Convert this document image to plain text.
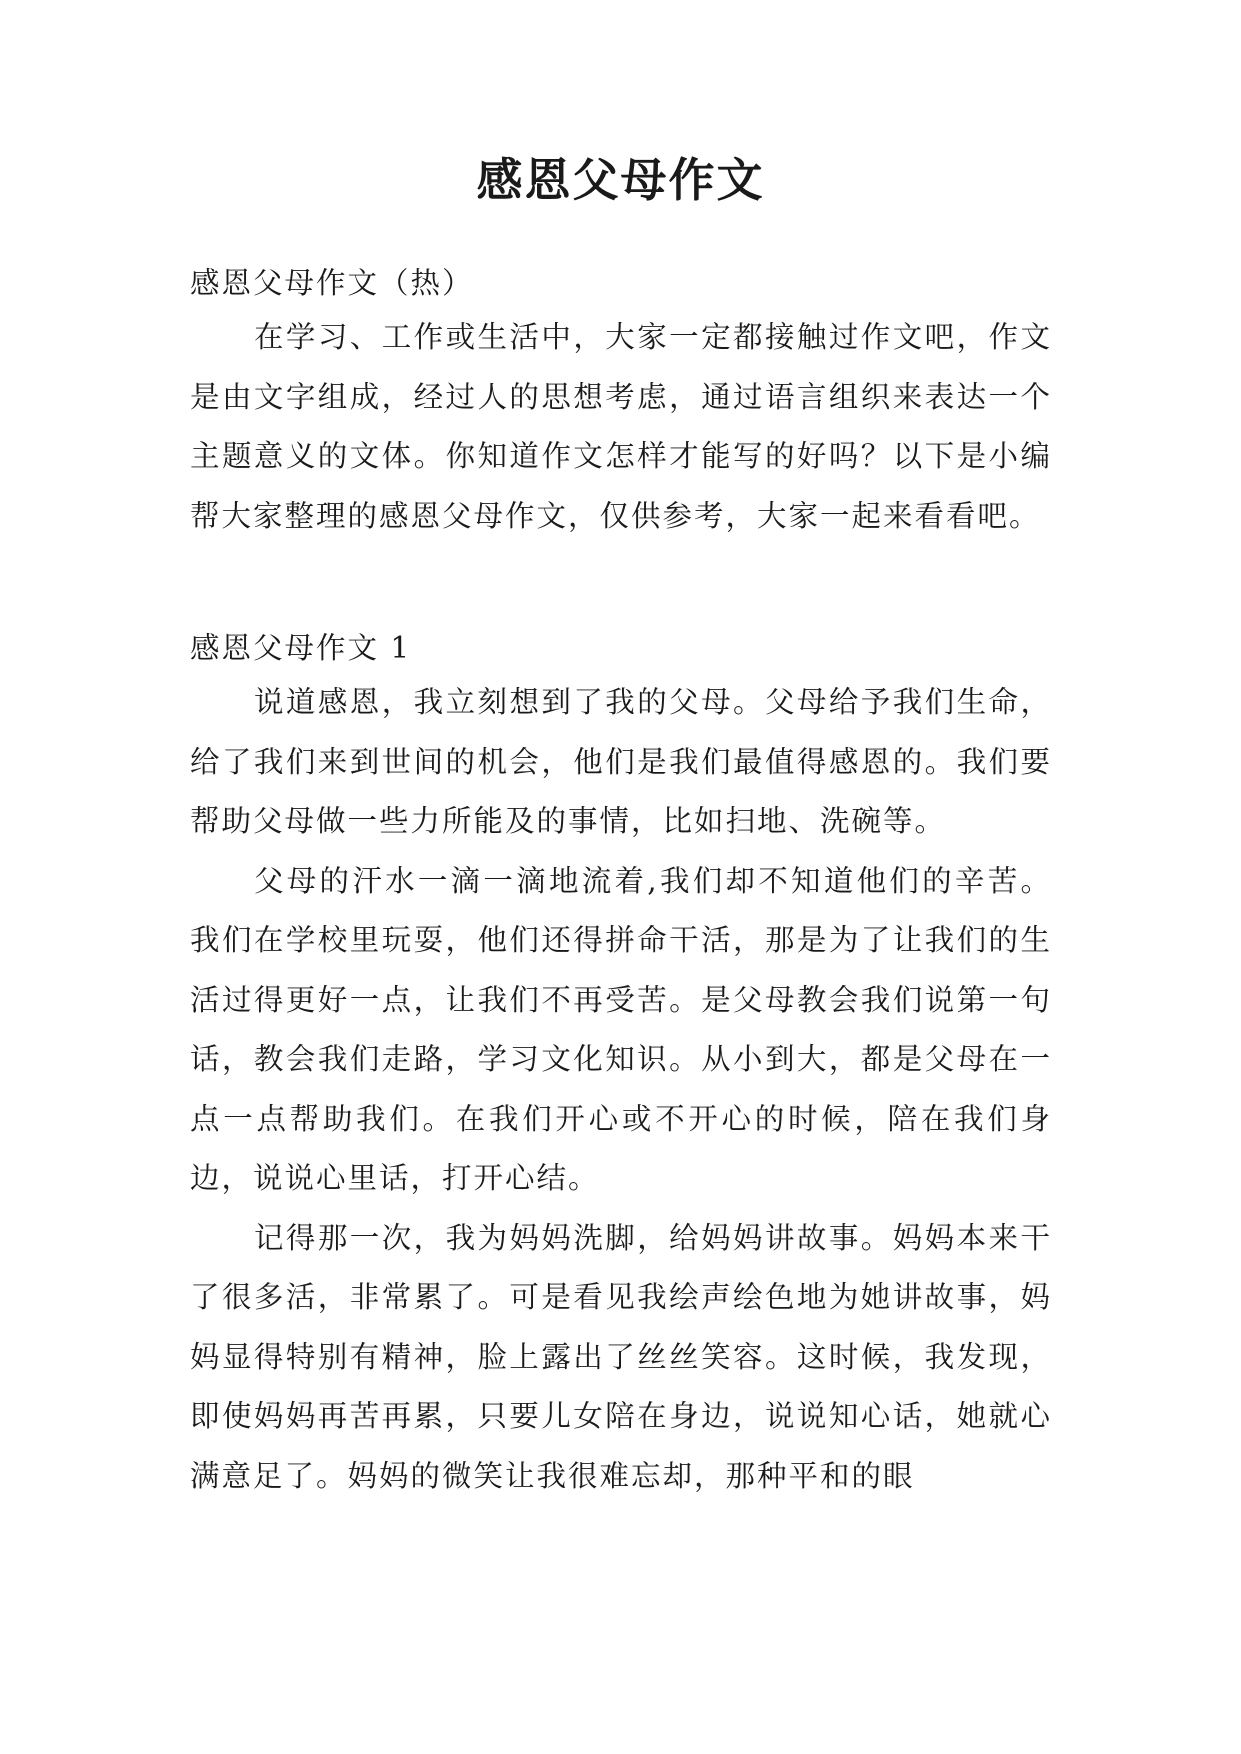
感恩父母作文

感恩父母作文（热）

在学习、工作或生活中，大家一定都接触过作文吧，作文是由文字组成，经过人的思想考虑，通过语言组织来表达一个主题意义的文体。你知道作文怎样才能写的好吗？以下是小编帮大家整理的感恩父母作文，仅供参考，大家一起来看看吧。

感恩父母作文 1

说道感恩，我立刻想到了我的父母。父母给予我们生命，给了我们来到世间的机会，他们是我们最值得感恩的。我们要帮助父母做一些力所能及的事情，比如扫地、洗碗等。

父母的汗水一滴一滴地流着,我们却不知道他们的辛苦。我们在学校里玩耍，他们还得拼命干活，那是为了让我们的生活过得更好一点，让我们不再受苦。是父母教会我们说第一句话，教会我们走路，学习文化知识。从小到大，都是父母在一点一点帮助我们。在我们开心或不开心的时候，陪在我们身边，说说心里话，打开心结。

记得那一次，我为妈妈洗脚，给妈妈讲故事。妈妈本来干了很多活，非常累了。可是看见我绘声绘色地为她讲故事，妈妈显得特别有精神，脸上露出了丝丝笑容。这时候，我发现，即使妈妈再苦再累，只要儿女陪在身边，说说知心话，她就心满意足了。妈妈的微笑让我很难忘却，那种平和的眼
